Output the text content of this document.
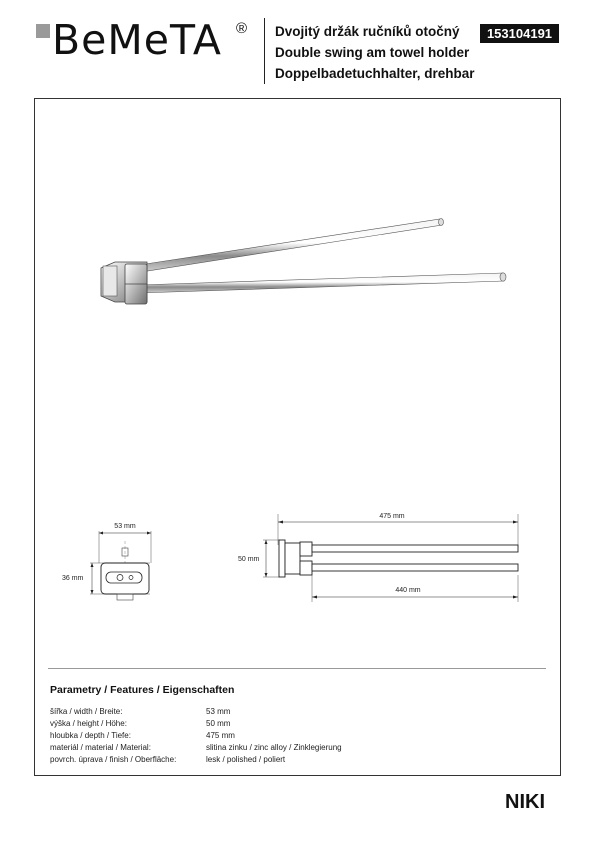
BeMeTA ® Dvojitý držák ručníků otočný
Double swing am towel holder
Doppelbadetuchhalter, drehbar
153104191
53 mm
36 mm
475 mm
50 mm
440 mm
Parametry / Features / Eigenschaften
šířka / width / Breite:	53 mm
výška / height / Höhe:	50 mm
hloubka / depth / Tiefe:	475 mm
materiál / material / Material:	slitina zinku / zinc alloy / Zinklegierung
povrch. úprava / finish / Oberfläche:	lesk / polished / poliert
NIKI
